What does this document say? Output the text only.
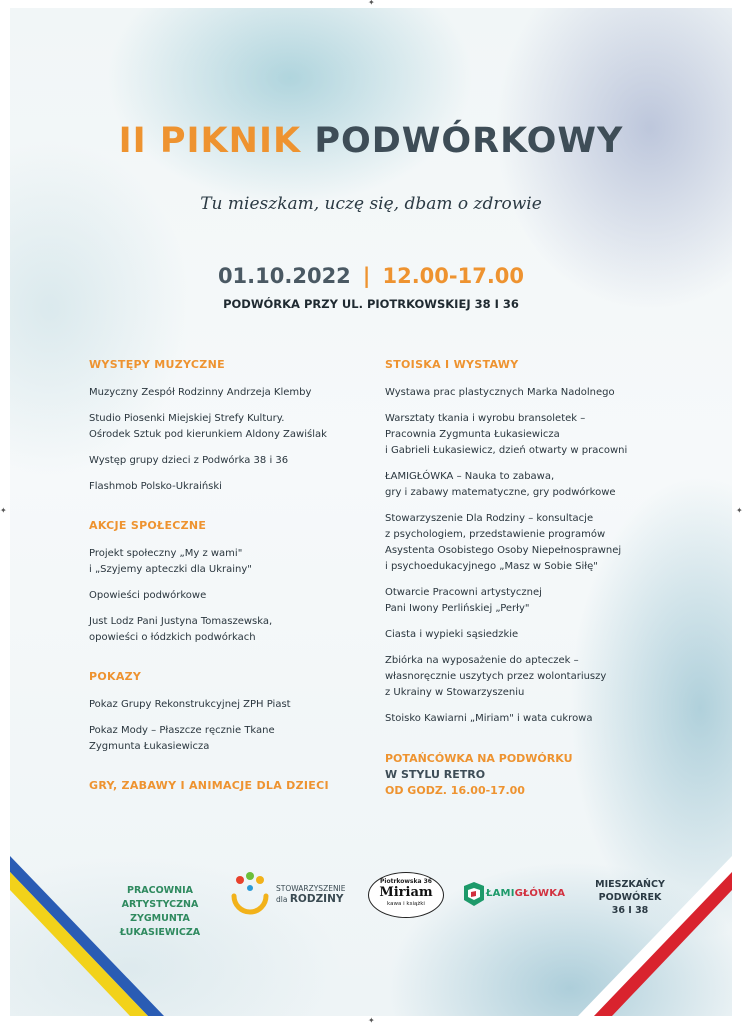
II PIKNIK PODWÓRKOWY
Tu mieszkam, uczę się, dbam o zdrowie
01.10.2022 | 12.00-17.00
PODWÓRKA PRZY UL. PIOTRKOWSKIEJ 38 I 36
WYSTĘPY MUZYCZNE
Muzyczny Zespół Rodzinny Andrzeja Klemby
Studio Piosenki Miejskiej Strefy Kultury.
Ośrodek Sztuk pod kierunkiem Aldony Zawiślak
Występ grupy dzieci z Podwórka 38 i 36
Flashmob Polsko-Ukraiński
AKCJE SPOŁECZNE
Projekt społeczny „My z wami"
i „Szyjemy apteczki dla Ukrainy"
Opowieści podwórkowe
Just Lodz Pani Justyna Tomaszewska,
opowieści o łódzkich podwórkach
POKAZY
Pokaz Grupy Rekonstrukcyjnej ZPH Piast
Pokaz Mody – Płaszcze ręcznie Tkane
Zygmunta Łukasiewicza
GRY, ZABAWY I ANIMACJE DLA DZIECI
STOISKA I WYSTAWY
Wystawa prac plastycznych Marka Nadolnego
Warsztaty tkania i wyrobu bransoletek –
Pracownia Zygmunta Łukasiewicza
i Gabrieli Łukasiewicz, dzień otwarty w pracowni
ŁAMIGŁÓWKA – Nauka to zabawa,
gry i zabawy matematyczne, gry podwórkowe
Stowarzyszenie Dla Rodziny – konsultacje
z psychologiem, przedstawienie programów
Asystenta Osobistego Osoby Niepełnosprawnej
i psychoedukacyjnego „Masz w Sobie Siłę"
Otwarcie Pracowni artystycznej
Pani Iwony Perlińskiej „Perły"
Ciasta i wypieki sąsiedzkie
Zbiórka na wyposażenie do apteczek –
własnoręcznie uszytych przez wolontariuszy
z Ukrainy w Stowarzyszeniu
Stoisko Kawiarni „Miriam" i wata cukrowa
POTAŃCÓWKA NA PODWÓRKU
W STYLU RETRO
OD GODZ. 16.00-17.00
PRACOWNIA ARTYSTYCZNA
ZYGMUNTA ŁUKASIEWICZA
STOWARZYSZENIE
dla RODZINY
Piotrkowska 36
Miriam
kawa i książki
ŁAMIGŁÓWKA
MIESZKAŃCY
PODWÓREK
36 I 38
✦
✦	✦
✦
